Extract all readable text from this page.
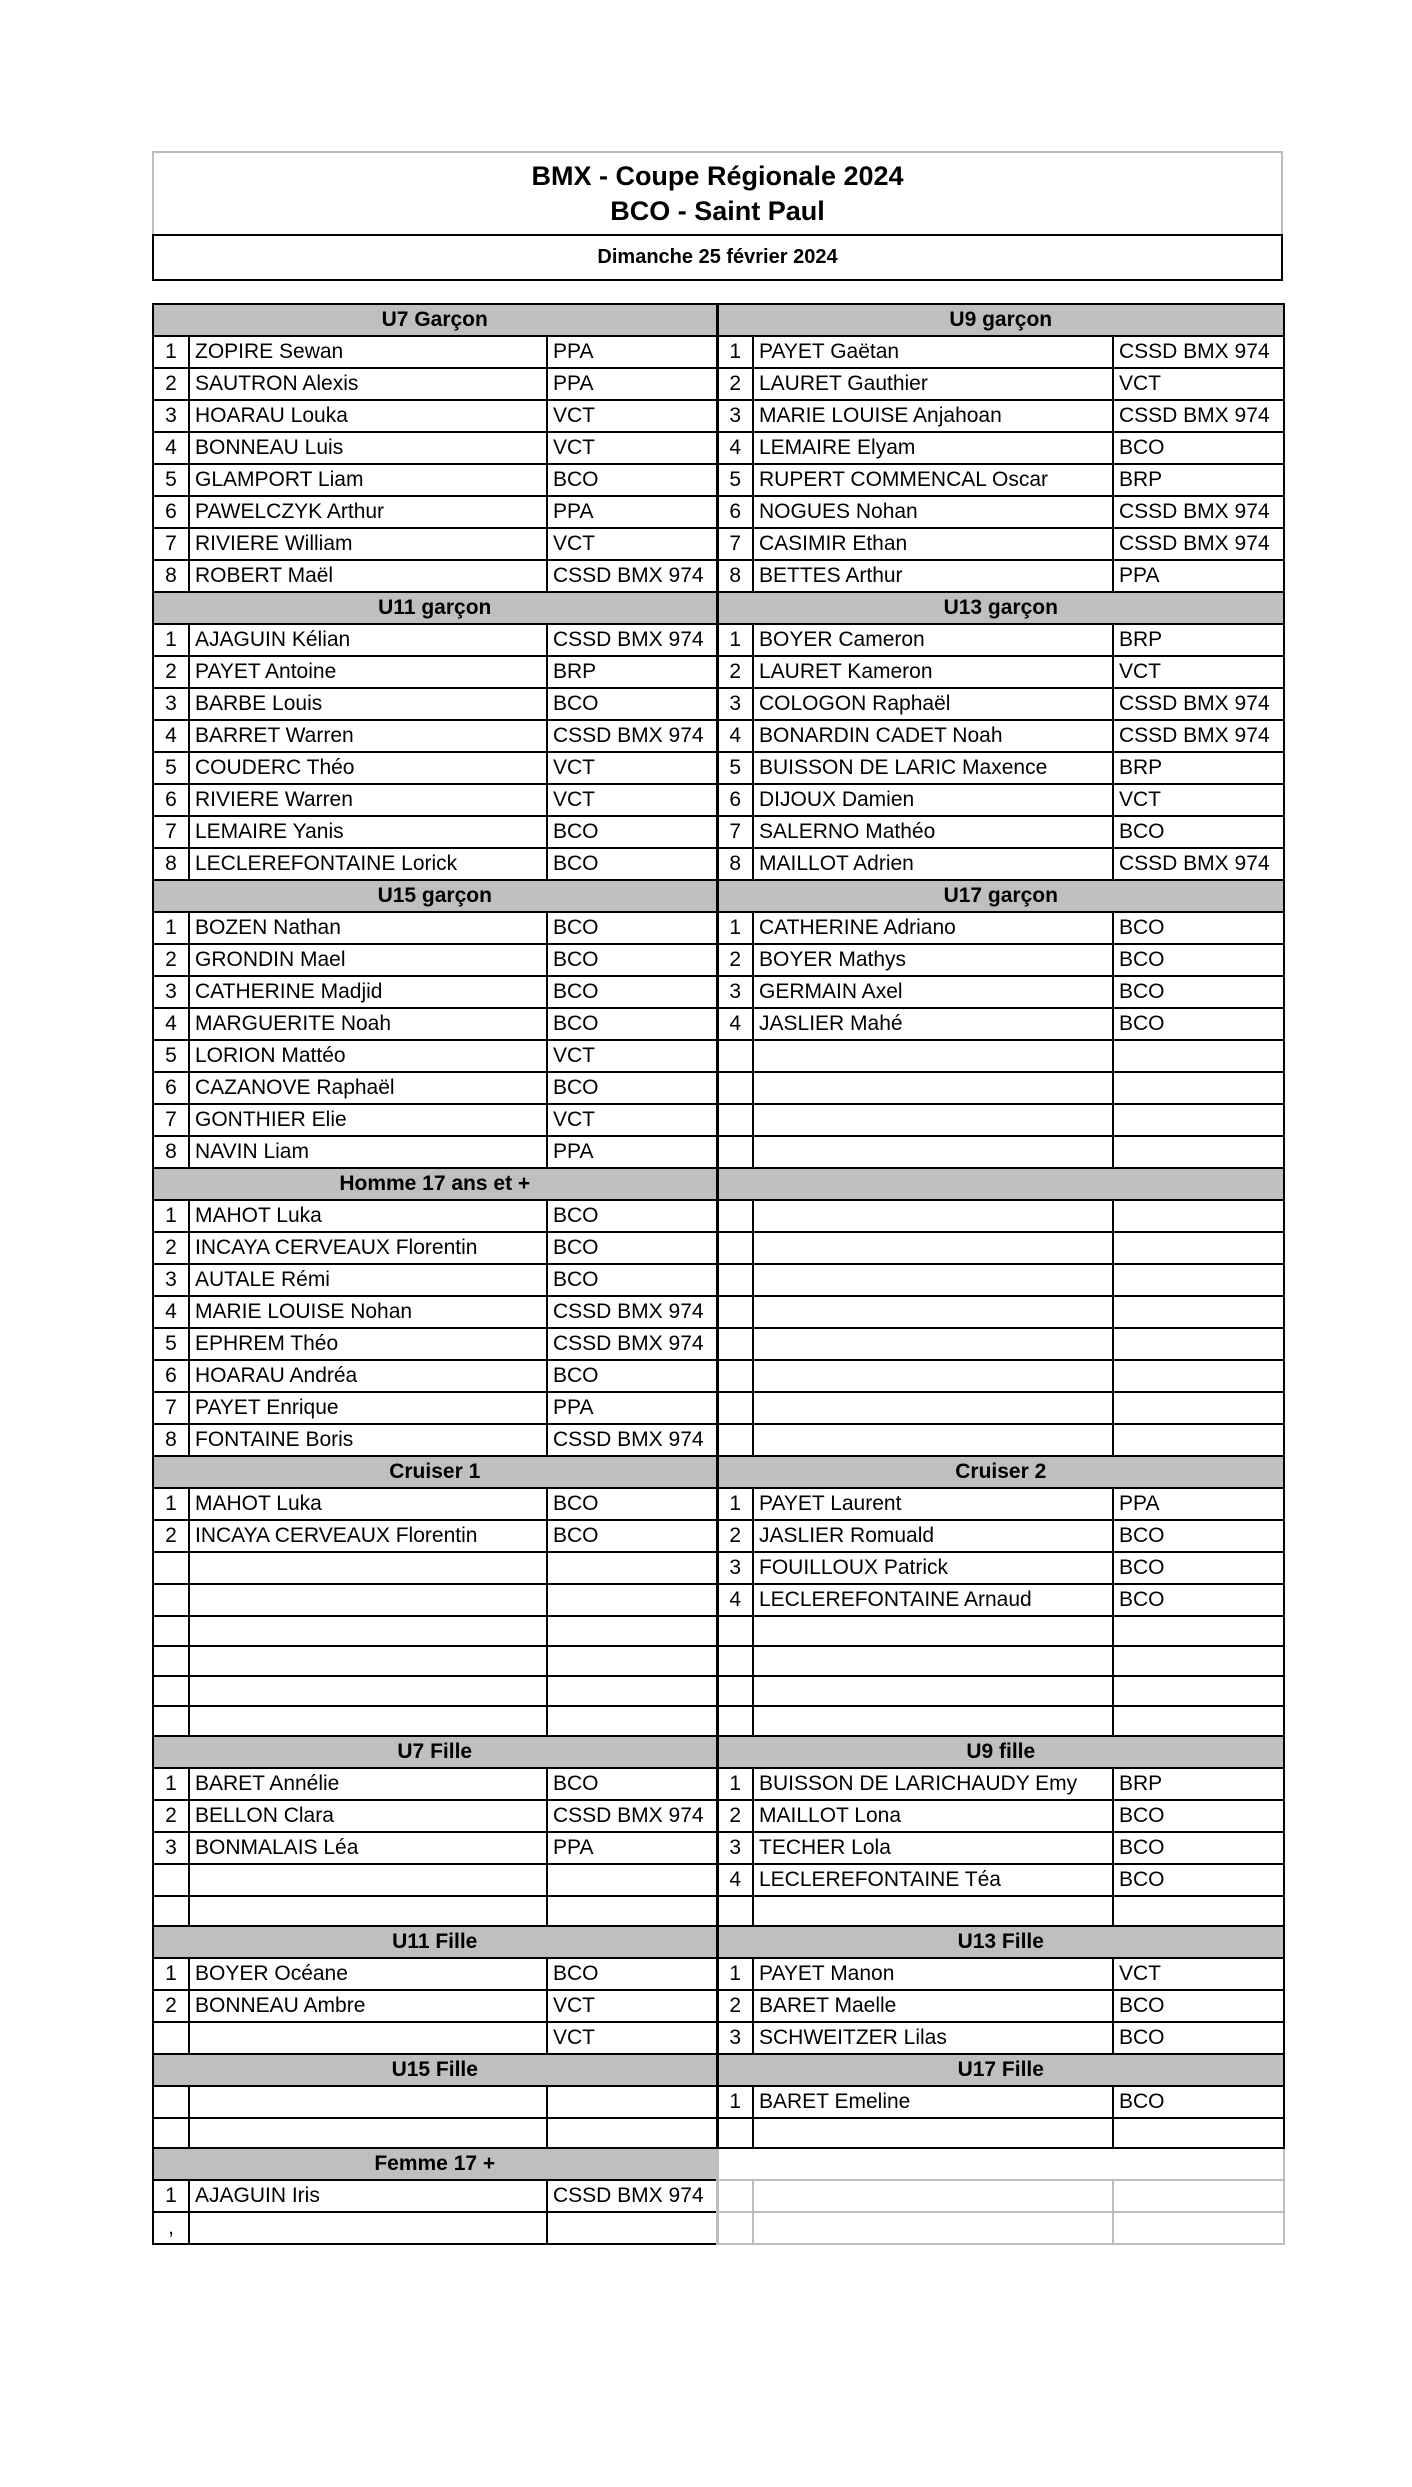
BMX - Coupe Régionale 2024
BCO - Saint Paul
Dimanche 25 février 2024
U7 Garçon			U9 garçon		
1	ZOPIRE Sewan	PPA	1	PAYET Gaëtan	CSSD BMX 974
2	SAUTRON Alexis	PPA	2	LAURET Gauthier	VCT
3	HOARAU Louka	VCT	3	MARIE LOUISE Anjahoan	CSSD BMX 974
4	BONNEAU Luis	VCT	4	LEMAIRE Elyam	BCO
5	GLAMPORT Liam	BCO	5	RUPERT COMMENCAL Oscar	BRP
6	PAWELCZYK Arthur	PPA	6	NOGUES Nohan	CSSD BMX 974
7	RIVIERE William	VCT	7	CASIMIR Ethan	CSSD BMX 974
8	ROBERT Maël	CSSD BMX 974	8	BETTES Arthur	PPA
U11 garçon			U13 garçon		
1	AJAGUIN Kélian	CSSD BMX 974	1	BOYER Cameron	BRP
2	PAYET Antoine	BRP	2	LAURET Kameron	VCT
3	BARBE Louis	BCO	3	COLOGON Raphaël	CSSD BMX 974
4	BARRET Warren	CSSD BMX 974	4	BONARDIN CADET Noah	CSSD BMX 974
5	COUDERC Théo	VCT	5	BUISSON DE LARIC Maxence	BRP
6	RIVIERE Warren	VCT	6	DIJOUX Damien	VCT
7	LEMAIRE Yanis	BCO	7	SALERNO Mathéo	BCO
8	LECLEREFONTAINE Lorick	BCO	8	MAILLOT Adrien	CSSD BMX 974
U15 garçon			U17 garçon		
1	BOZEN Nathan	BCO	1	CATHERINE Adriano	BCO
2	GRONDIN Mael	BCO	2	BOYER Mathys	BCO
3	CATHERINE Madjid	BCO	3	GERMAIN Axel	BCO
4	MARGUERITE Noah	BCO	4	JASLIER Mahé	BCO
5	LORION Mattéo	VCT			
6	CAZANOVE Raphaël	BCO			
7	GONTHIER Elie	VCT			
8	NAVIN Liam	PPA			
Homme 17 ans et +					
1	MAHOT Luka	BCO			
2	INCAYA CERVEAUX Florentin	BCO			
3	AUTALE Rémi	BCO			
4	MARIE LOUISE Nohan	CSSD BMX 974			
5	EPHREM Théo	CSSD BMX 974			
6	HOARAU Andréa	BCO			
7	PAYET Enrique	PPA			
8	FONTAINE Boris	CSSD BMX 974			
Cruiser 1			Cruiser 2		
1	MAHOT Luka	BCO	1	PAYET Laurent	PPA
2	INCAYA CERVEAUX Florentin	BCO	2	JASLIER Romuald	BCO
			3	FOUILLOUX Patrick	BCO
			4	LECLEREFONTAINE Arnaud	BCO

U7 Fille			U9 fille		
1	BARET Annélie	BCO	1	BUISSON DE LARICHAUDY Emy	BRP
2	BELLON Clara	CSSD BMX 974	2	MAILLOT Lona	BCO
3	BONMALAIS Léa	PPA	3	TECHER Lola	BCO
			4	LECLEREFONTAINE Téa	BCO

U11 Fille			U13 Fille		
1	BOYER Océane	BCO	1	PAYET Manon	VCT
2	BONNEAU Ambre	VCT	2	BARET Maelle	BCO
		VCT	3	SCHWEITZER Lilas	BCO
U15 Fille			U17 Fille		
			1	BARET Emeline	BCO

Femme 17 +					
1	AJAGUIN Iris	CSSD BMX 974			
,					
